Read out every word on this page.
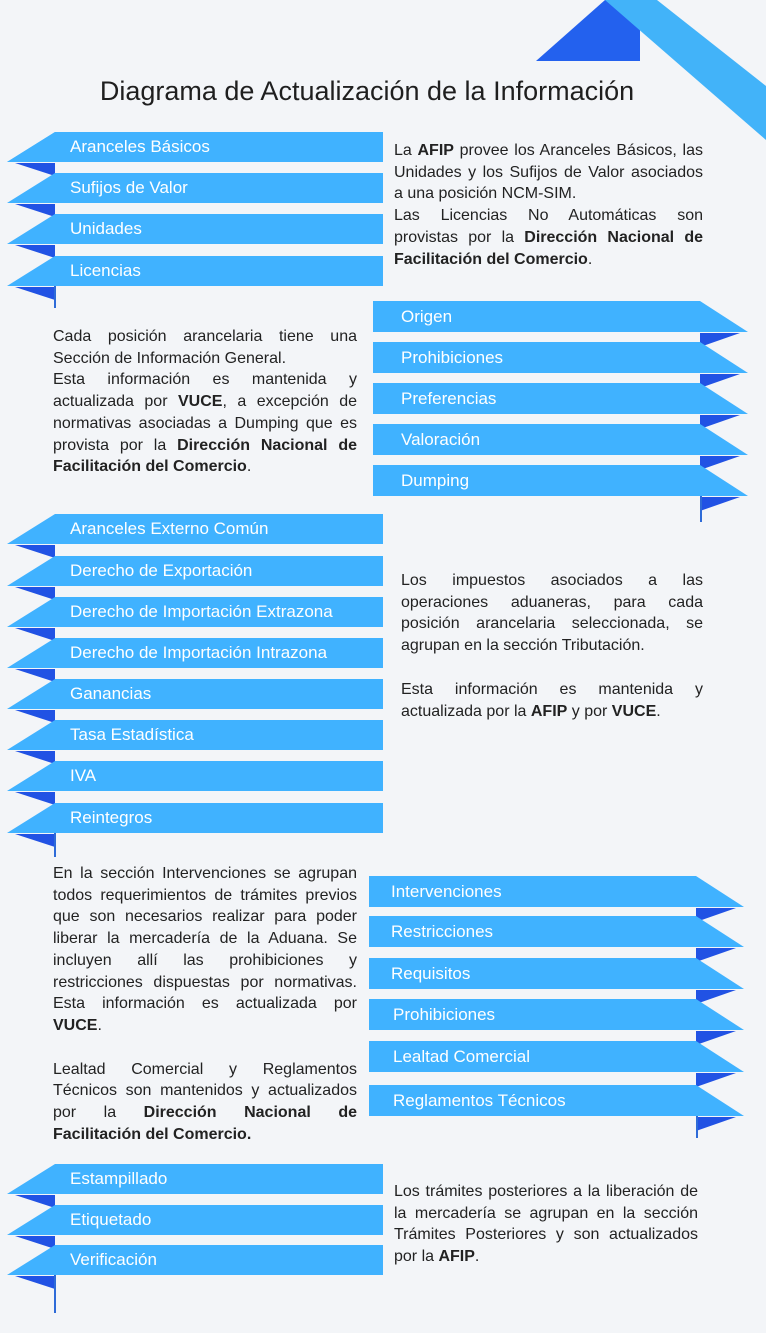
Diagrama de Actualización de la Información
Aranceles Básicos
Sufijos de Valor
Unidades
Licencias

La AFIP provee los Aranceles Básicos, las Unidades y los Sufijos de Valor asociados a una posición NCM-SIM.

Las Licencias No Automáticas son provistas por la Dirección Nacional de Facilitación del Comercio.

Cada posición arancelaria tiene una Sección de Información General.

Esta información es mantenida y actualizada por VUCE, a excepción de normativas asociadas a Dumping que es provista por la Dirección Nacional de Facilitación del Comercio.

Origen
Prohibiciones
Preferencias
Valoración
Dumping
Aranceles Externo Común
Derecho de Exportación
Derecho de Importación Extrazona
Derecho de Importación Intrazona
Ganancias
Tasa Estadística
IVA
Reintegros

Los impuestos asociados a las operaciones aduaneras, para cada posición arancelaria seleccionada, se agrupan en la sección Tributación.

Esta información es mantenida y actualizada por la AFIP y por VUCE.

En la sección Intervenciones se agrupan todos requerimientos de trámites previos que son necesarios realizar para poder liberar la mercadería de la Aduana. Se incluyen allí las prohibiciones y restricciones dispuestas por normativas. Esta información es actualizada por VUCE.

Lealtad Comercial y Reglamentos Técnicos son mantenidos y actualizados por la Dirección Nacional de Facilitación del Comercio.

Intervenciones
Restricciones
Requisitos
Prohibiciones
Lealtad Comercial
Reglamentos Técnicos
Estampillado
Etiquetado
Verificación

Los trámites posteriores a la liberación de la mercadería se agrupan en la sección Trámites Posteriores y son actualizados por la AFIP.
